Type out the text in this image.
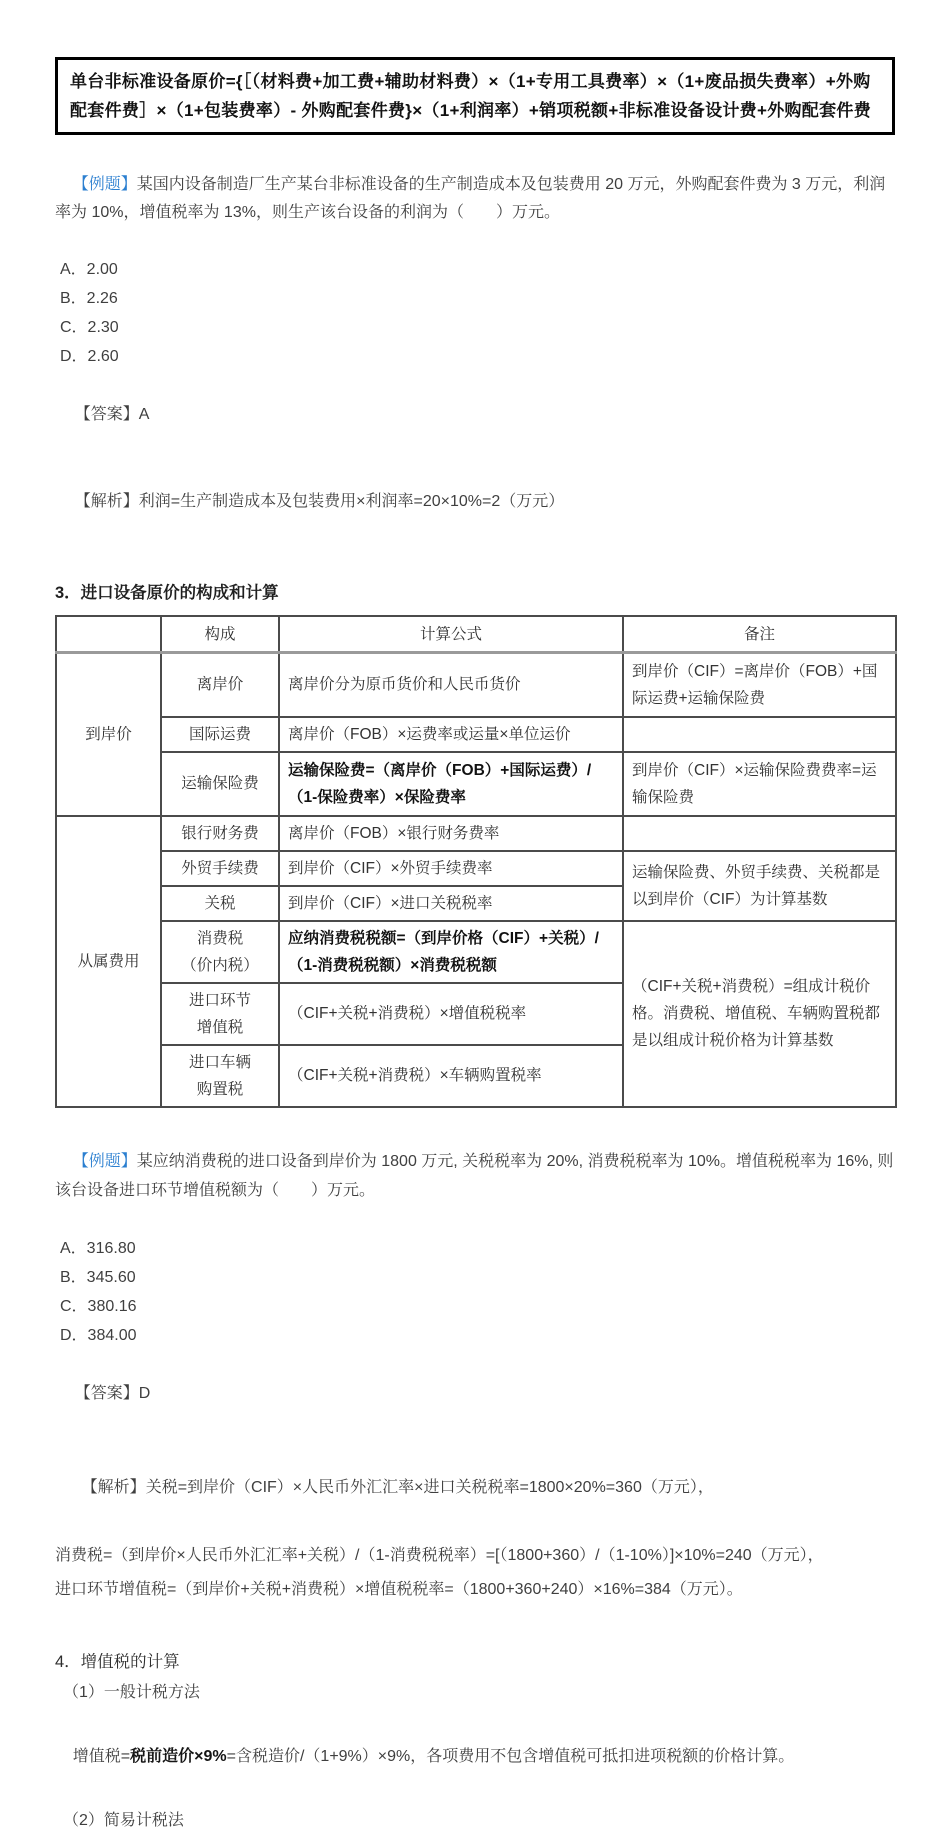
单台非标准设备原价={［（材料费+加工费+辅助材料费）×（1+专用工具费率）×（1+废品损失费率）+外购配套件费］×（1+包装费率）- 外购配套件费}×（1+利润率）+销项税额+非标准设备设计费+外购配套件费

【例题】某国内设备制造厂生产某台非标准设备的生产制造成本及包装费用 20 万元，外购配套件费为 3 万元，利润率为 10%，增值税率为 13%，则生产该台设备的利润为（　　）万元。

A．2.00

B．2.26

C．2.30

D．2.60

【答案】A

【解析】利润=生产制造成本及包装费用×利润率=20×10%=2（万元）

3．进口设备原价的构成和计算
	构成	计算公式	备注
到岸价	离岸价	离岸价分为原币货价和人民币货价	到岸价（CIF）=离岸价（FOB）+国际运费+运输保险费
	国际运费	离岸价（FOB）×运费率或运量×单位运价	
	运输保险费	运输保险费=（离岸价（FOB）+国际运费）/（1-保险费率）×保险费率	到岸价（CIF）×运输保险费费率=运输保险费
从属费用	银行财务费	离岸价（FOB）×银行财务费率	
	外贸手续费	到岸价（CIF）×外贸手续费率	运输保险费、外贸手续费、关税都是以到岸价（CIF）为计算基数
	关税	到岸价（CIF）×进口关税税率	

	消费税
（价内税）	应纳消费税税额=（到岸价格（CIF）+关税）/（1-消费税税额）×消费税税额	（CIF+关税+消费税）=组成计税价格。消费税、增值税、车辆购置税都是以组成计税价格为计算基数

	进口环节
增值税	（CIF+关税+消费税）×增值税税率	

	进口车辆
购置税	（CIF+关税+消费税）×车辆购置税率	

【例题】某应纳消费税的进口设备到岸价为 1800 万元, 关税税率为 20%, 消费税税率为 10%。增值税税率为 16%, 则该台设备进口环节增值税额为（　　）万元。

A．316.80

B．345.60

C．380.16

D．384.00

【答案】D

【解析】关税=到岸价（CIF）×人民币外汇汇率×进口关税税率=1800×20%=360（万元），

消费税=（到岸价×人民币外汇汇率+关税）/（1-消费税税率）=[（1800+360）/（1-10%）]×10%=240（万元），

进口环节增值税=（到岸价+关税+消费税）×增值税税率=（1800+360+240）×16%=384（万元）。

4．增值税的计算

（1）一般计税方法

增值税=税前造价×9%=含税造价/（1+9%）×9%，各项费用不包含增值税可抵扣进项税额的价格计算。

（2）简易计税法
